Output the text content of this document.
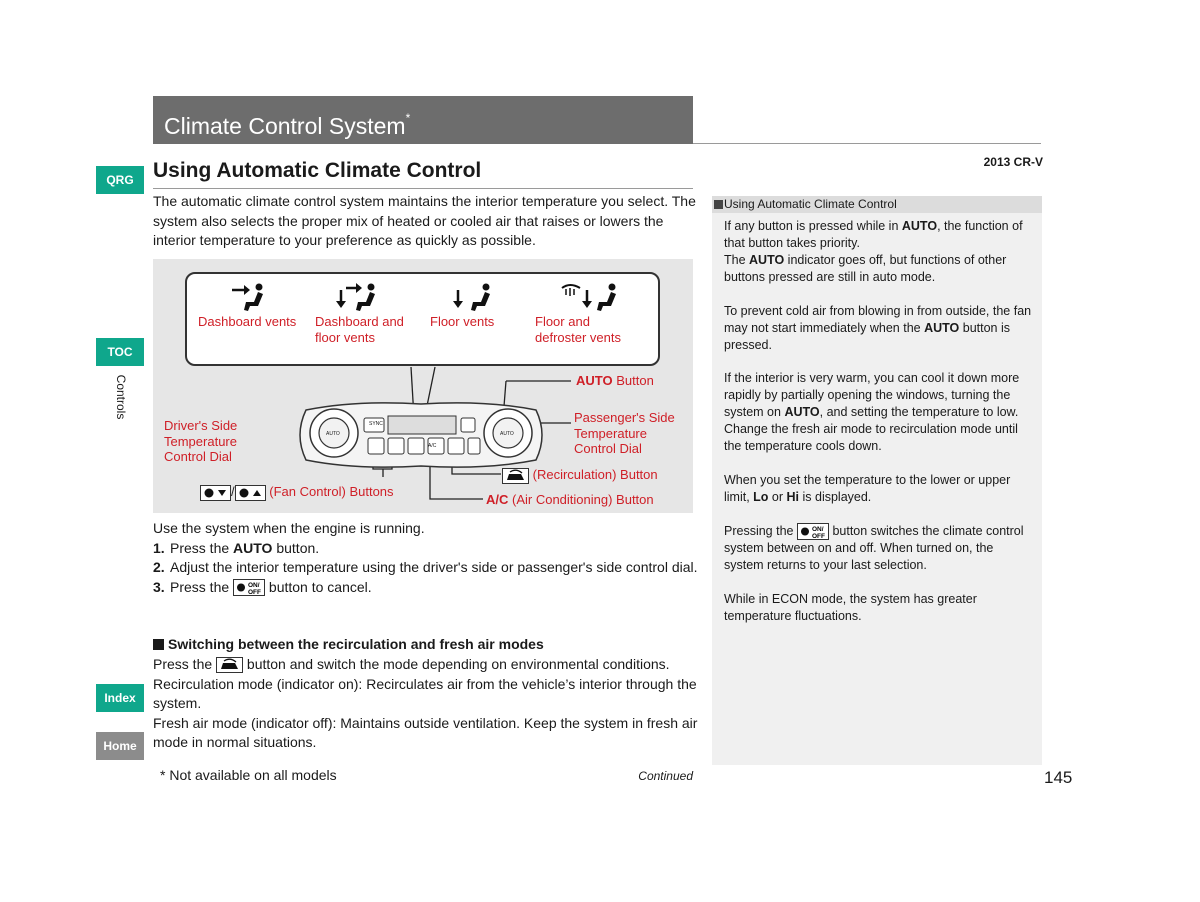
Climate Control System*
2013 CR-V
QRG
TOC
Controls
Index
Home
Using Automatic Climate Control
The automatic climate control system maintains the interior temperature you select. The system also selects the proper mix of heated or cooled air that raises or lowers the interior temperature to your preference as quickly as possible.
Dashboard vents Dashboard and
floor vents
Floor vents	Floor and
defroster vents
SYNC
A/C
AUTO	AUTO
AUTO Button
Driver's Side
Temperature
Control Dial
Passenger's Side
Temperature
Control Dial
(Recirculation) Button
/	(Fan Control) Buttons
A/C (Air Conditioning) Button
Use the system when the engine is running.
1. Press the AUTO button.
2. Adjust the interior temperature using the driver's side or passenger's side control dial.
3. Press the ON/
OFF button to cancel.
Switching between the recirculation and fresh air modes
Press the  button and switch the mode depending on environmental conditions.
Recirculation mode (indicator on): Recirculates air from the vehicle’s interior through the system.
Fresh air mode (indicator off): Maintains outside ventilation. Keep the system in fresh air mode in normal situations.
Using Automatic Climate Control
If any button is pressed while in AUTO, the function of that button takes priority.
The AUTO indicator goes off, but functions of other buttons pressed are still in auto mode.
To prevent cold air from blowing in from outside, the fan may not start immediately when the AUTO button is pressed.
If the interior is very warm, you can cool it down more rapidly by partially opening the windows, turning the system on AUTO, and setting the temperature to low. Change the fresh air mode to recirculation mode until the temperature cools down.
When you set the temperature to the lower or upper limit, Lo or Hi is displayed.
Pressing the ON/
OFF button switches the climate control system between on and off. When turned on, the system returns to your last selection.
While in ECON mode, the system has greater temperature fluctuations.
* Not available on all models	Continued	145
